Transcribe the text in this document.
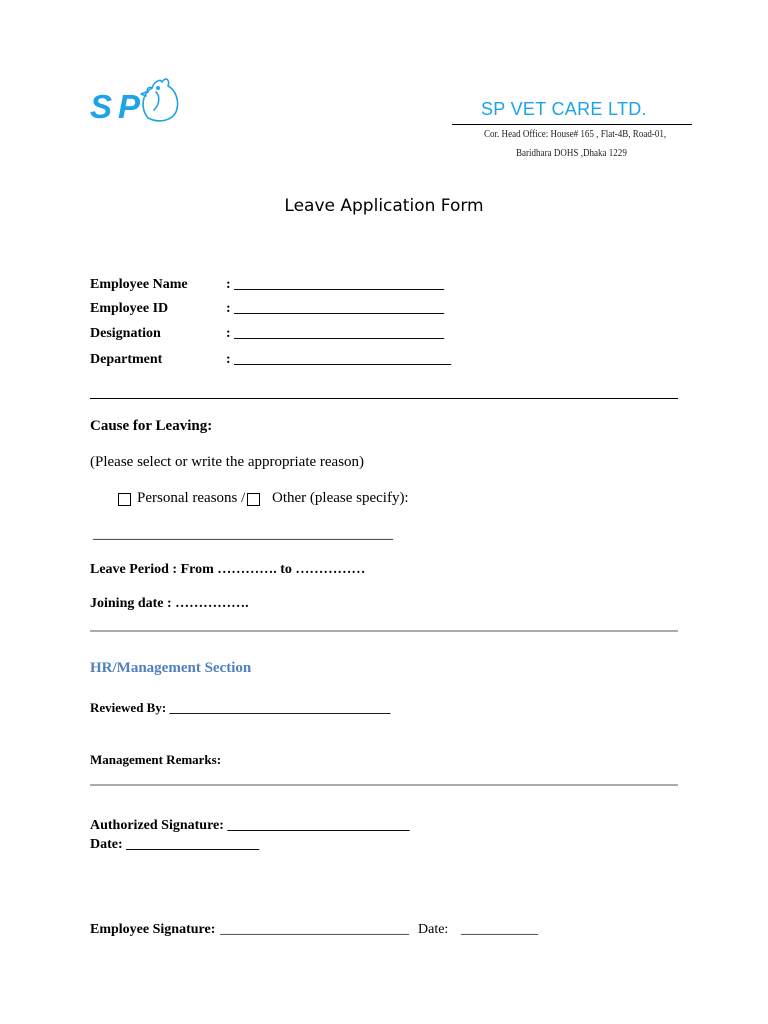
SP	SP VET CARE LTD.
Cor. Head Office: House# 165 , Flat-4B, Road-01,
Baridhara DOHS ,Dhaka 1229
Leave Application Form
Employee Name	: ______________________________
Employee ID	: ______________________________
Designation	: ______________________________
Department	: _______________________________
Cause for Leaving:
(Please select or write the appropriate reason)
Personal reasons / Other (please specify):
________________________________________
Leave Period : From …………. to ……………
Joining date : …………….
HR/Management Section
Reviewed By: __________________________________
Management Remarks:
Authorized Signature: __________________________
Date: ___________________
Employee Signature: ___________________________ Date: ___________
